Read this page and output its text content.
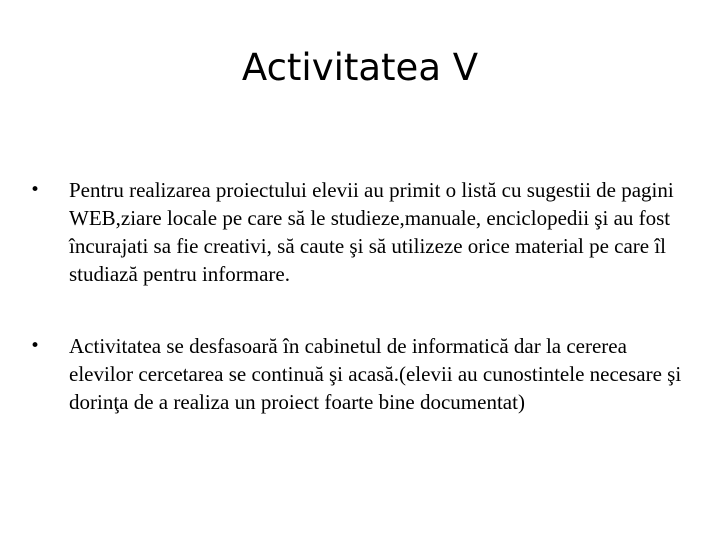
Activitatea V
• Pentru realizarea proiectului elevii au primit o listă cu sugestii de pagini WEB,ziare locale pe care să le studieze,manuale, enciclopedii şi au fost încurajati sa fie creativi, să caute şi să utilizeze orice material pe care îl studiază pentru informare.
• Activitatea se desfasoară în cabinetul de informatică dar la cererea elevilor cercetarea se continuă şi acasă.(elevii au cunostintele necesare şi dorinţa de a realiza un proiect foarte bine documentat)
